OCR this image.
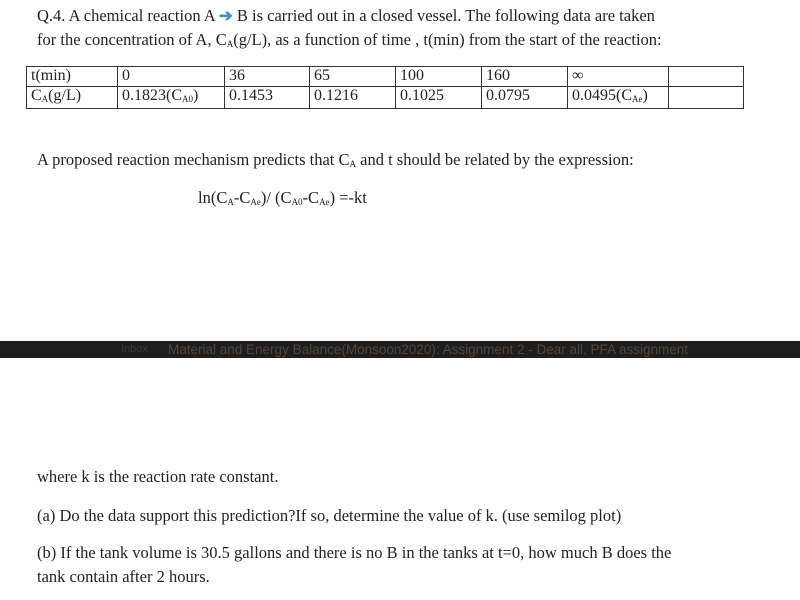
Q.4. A chemical reaction A ➔ B is carried out in a closed vessel. The following data are taken
for the concentration of A, $C_A(g/L)$, as a function of time , t(min) from the start of the reaction:
t(min)	0	36	65	100	160	∞	
$C_A(g/L)$	$0.1823(C_{A0})$	0.1453	0.1216	0.1025	0.0795	$0.0495(C_{Ae})$	
A proposed reaction mechanism predicts that $C_A$ and t should be related by the expression:
$\ln(C_A-C_{Ae})/$ $(C_{A0}-C_{Ae}) =-kt$
Inbox Material and Energy Balance(Monsoon2020): Assignment 2 - Dear all, PFA assignment
where k is the reaction rate constant.
(a) Do the data support this prediction?If so, determine the value of k. (use semilog plot)
(b) If the tank volume is 30.5 gallons and there is no B in the tanks at t=0, how much B does the
tank contain after 2 hours.
